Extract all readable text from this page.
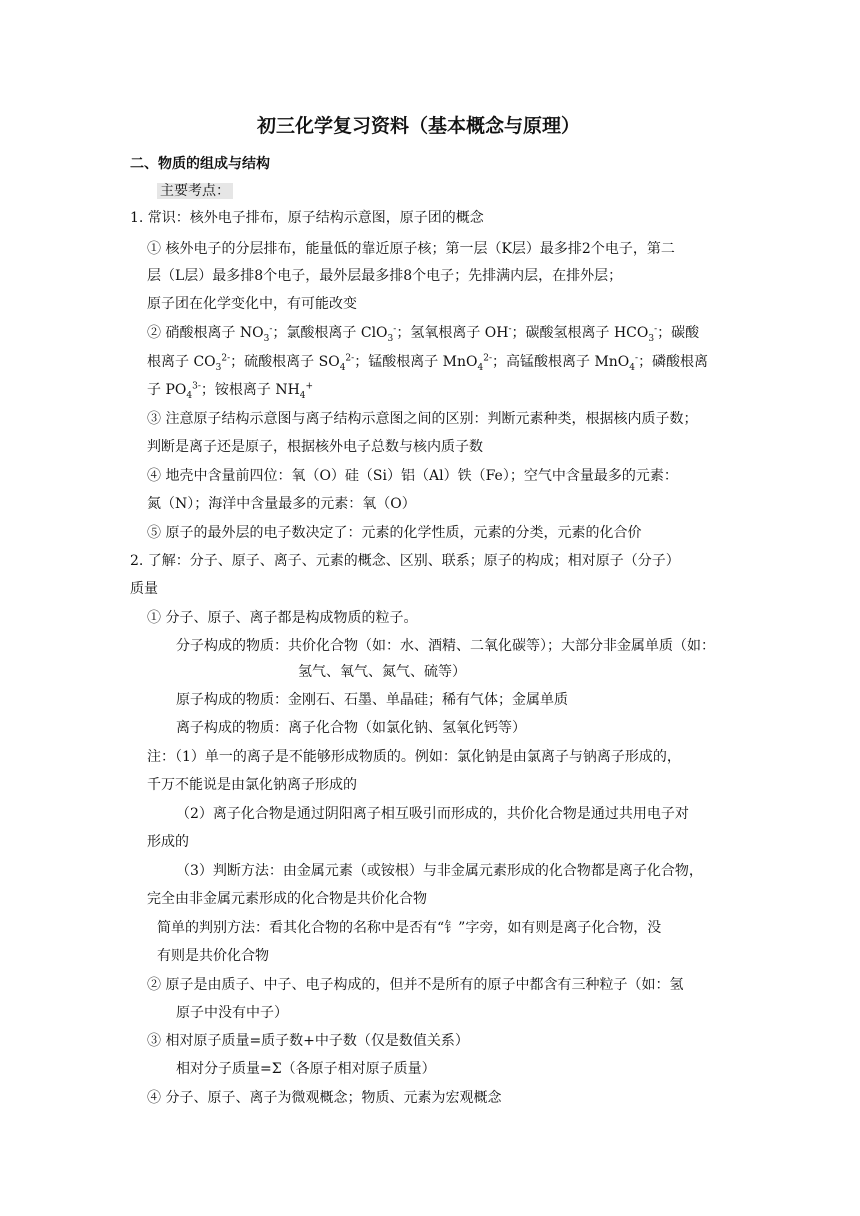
初三化学复习资料（基本概念与原理）
二、物质的组成与结构
主要考点：
1. 常识：核外电子排布，原子结构示意图，原子团的概念
① 核外电子的分层排布，能量低的靠近原子核；第一层（K层）最多排2个电子，第二
层（L层）最多排8个电子，最外层最多排8个电子；先排满内层，在排外层；
原子团在化学变化中，有可能改变
② 硝酸根离子 $NO_3^-$；氯酸根离子 ClO$_3$-；氢氧根离子 OH-；碳酸氢根离子 $HCO_3^-$；碳酸
根离子 $CO_3^{2-}$；硫酸根离子 $SO_4^{2-}$；锰酸根离子 MnO$_4^{2-}$；高锰酸根离子 MnO$_4$-；磷酸根离
子 $PO_4^{3-}$；铵根离子 $NH_4^+$
③ 注意原子结构示意图与离子结构示意图之间的区别：判断元素种类，根据核内质子数；
判断是离子还是原子，根据核外电子总数与核内质子数
④ 地壳中含量前四位：氧（O）硅（Si）铝（Al）铁（Fe）；空气中含量最多的元素：
氮（N）；海洋中含量最多的元素：氧（O）
⑤ 原子的最外层的电子数决定了：元素的化学性质，元素的分类，元素的化合价
2. 了解：分子、原子、离子、元素的概念、区别、联系；原子的构成；相对原子（分子）
质量
① 分子、原子、离子都是构成物质的粒子。
分子构成的物质：共价化合物（如：水、酒精、二氧化碳等）；大部分非金属单质（如：
氢气、氧气、氮气、硫等）
原子构成的物质：金刚石、石墨、单晶硅；稀有气体；金属单质
离子构成的物质：离子化合物（如氯化钠、氢氧化钙等）
注：（1）单一的离子是不能够形成物质的。例如：氯化钠是由氯离子与钠离子形成的，
千万不能说是由氯化钠离子形成的
（2）离子化合物是通过阴阳离子相互吸引而形成的，共价化合物是通过共用电子对
形成的
（3）判断方法：由金属元素（或铵根）与非金属元素形成的化合物都是离子化合物，
完全由非金属元素形成的化合物是共价化合物
简单的判别方法：看其化合物的名称中是否有“钅”字旁，如有则是离子化合物，没
有则是共价化合物
② 原子是由质子、中子、电子构成的，但并不是所有的原子中都含有三种粒子（如：氢
原子中没有中子）
③ 相对原子质量=质子数+中子数（仅是数值关系）
相对分子质量=Σ（各原子相对原子质量）
④ 分子、原子、离子为微观概念；物质、元素为宏观概念
